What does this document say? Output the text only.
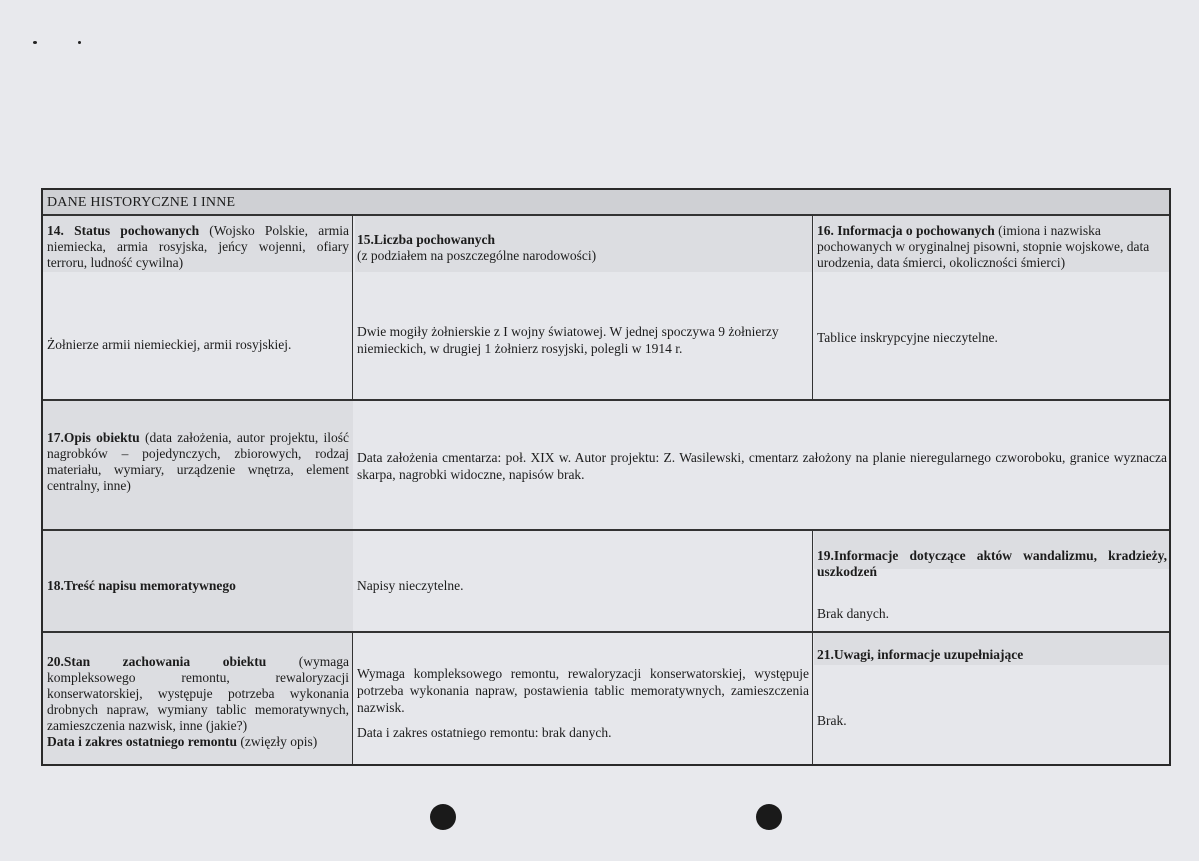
DANE HISTORYCZNE I INNE
14. Status pochowanych (Wojsko Polskie, armia niemiecka, armia rosyjska, jeńcy wojenni, ofiary terroru, ludność cywilna)
Żołnierze armii niemieckiej, armii rosyjskiej.
15.Liczba pochowanych
(z podziałem na poszczególne narodowości)
Dwie mogiły żołnierskie z I wojny światowej. W jednej spoczywa 9 żołnierzy niemieckich, w drugiej 1 żołnierz rosyjski, polegli w 1914 r.
16. Informacja o pochowanych (imiona i nazwiska pochowanych w oryginalnej pisowni, stopnie wojskowe, data urodzenia, data śmierci, okoliczności śmierci)
Tablice inskrypcyjne nieczytelne.
17.Opis obiektu (data założenia, autor projektu, ilość nagrobków – pojedynczych, zbiorowych, rodzaj materiału, wymiary, urządzenie wnętrza, element centralny, inne)
Data założenia cmentarza: poł. XIX w. Autor projektu: Z. Wasilewski, cmentarz założony na planie nieregularnego czworoboku, granice wyznacza skarpa, nagrobki widoczne, napisów brak.
18.Treść napisu memoratywnego	Napisy nieczytelne.
19.Informacje dotyczące aktów wandalizmu, kradzieży, uszkodzeń
Brak danych.
20.Stan zachowania obiektu (wymaga kompleksowego remontu, rewaloryzacji konserwatorskiej, występuje potrzeba wykonania drobnych napraw, wymiany tablic memoratywnych, zamieszczenia nazwisk, inne (jakie?)
Data i zakres ostatniego remontu (zwięzły opis)
Wymaga kompleksowego remontu, rewaloryzacji konserwatorskiej, występuje potrzeba wykonania napraw, postawienia tablic memoratywnych, zamieszczenia nazwisk.
Data i zakres ostatniego remontu: brak danych.
21.Uwagi, informacje uzupełniające
Brak.
